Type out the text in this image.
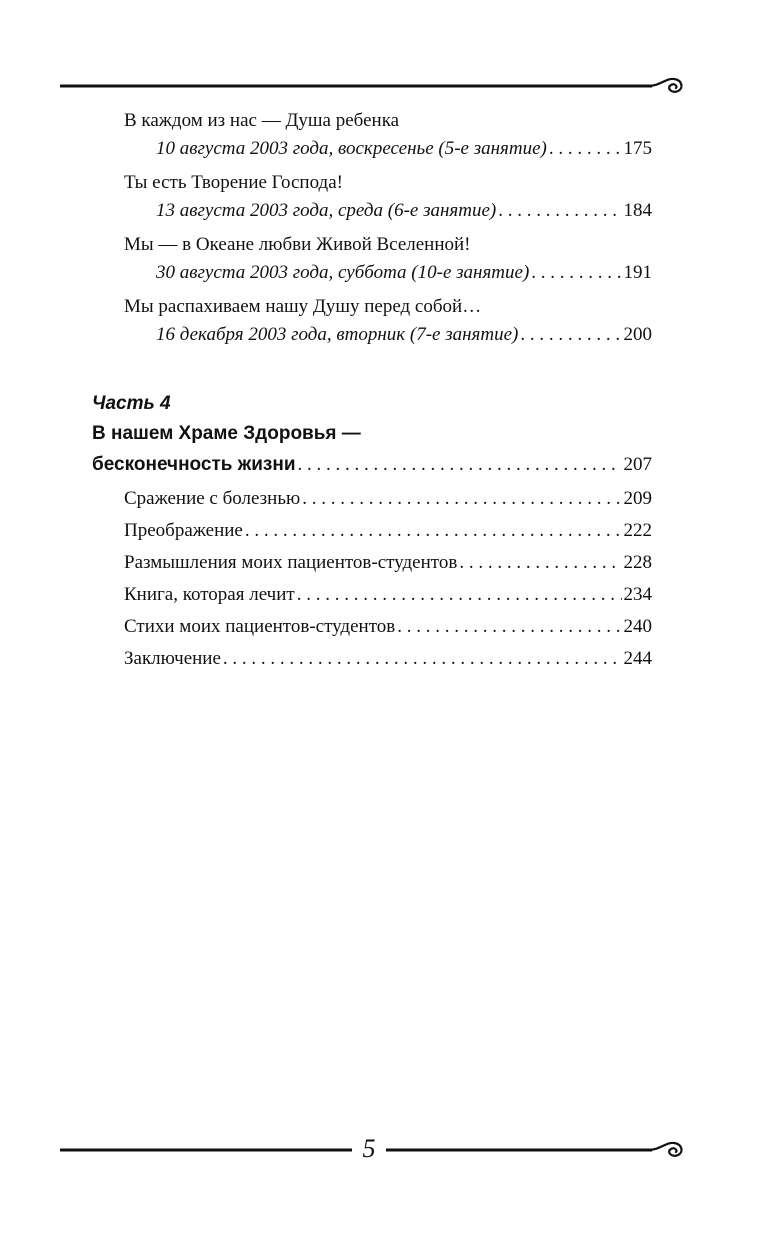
В каждом из нас — Душа ребенка
10 августа 2003 года, воскресенье (5-е занятие) . . .	175
Ты есть Творение Господа!
13 августа 2003 года, среда (6-е занятие) . . .	184
Мы — в Океане любви Живой Вселенной!
30 августа 2003 года, суббота (10-е занятие) . . .	191
Мы распахиваем нашу Душу перед собой…
16 декабря 2003 года, вторник (7-е занятие) . . .	200
Часть 4
В нашем Храме Здоровья —
бесконечность жизни . . .	207
Сражение с болезнью . . .	209
Преображение . . .	222
Размышления моих пациентов-студентов . . .	228
Книга, которая лечит . . .	234
Стихи моих пациентов-студентов . . .	240
Заключение . . .	244
5
